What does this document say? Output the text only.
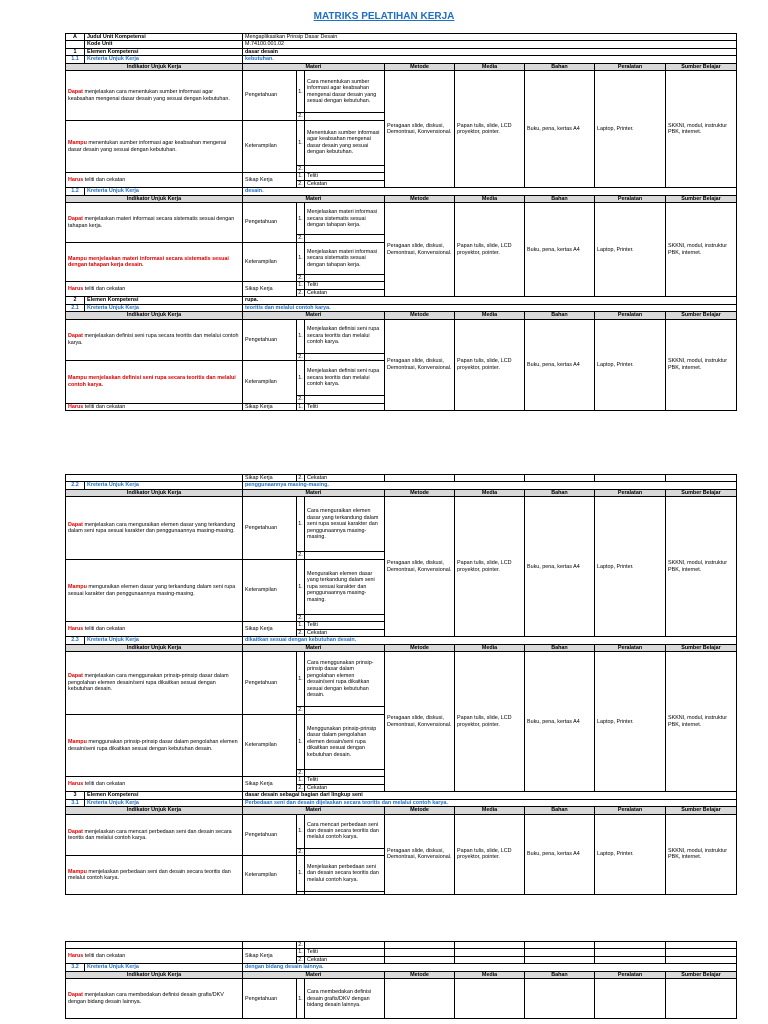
MATRIKS PELATIHAN KERJA
A	Judul Unit Kompetensi	Mengaplikasikan Prinsip Dasar Desain							
	Kode Unit	M.74100.001.02							
1	Elemen Kompetensi	dasar desain							
1.1	Kreteria Unjuk Kerja	kebutuhan.							
Indikator Unjuk Kerja		Materi			Metode	Media	Bahan	Peralatan	Sumber Belajar
Dapat menjelaskan cara menentukan sumber informasi agar keabsahan mengenai dasar desain yang sesuai dengan kebutuhan.		Pengetahuan	1.	Cara menentukan sumber informasi agar keabsahan mengenai dasar desain yang sesuai dengan kebutuhan.	Peragaan slide, diskusi, Demontrasi, Konvensional.	Papan tulis, slide, LCD proyektor, pointer.	Buku, pena, kertas A4	Laptop, Printer.	SKKNI, modul, instruktur PBK, internet.
			2.						
Mampu menentukan sumber informasi agar keabsahan mengenai dasar desain yang sesuai dengan kebutuhan.		Keterampilan	1.	Menentukan sumber informasi agar keabsahan mengenai dasar desain yang sesuai dengan kebutuhan.					
			2.						
Harus teliti dan cekatan		Sikap Kerja	1.	Teliti					
			2.	Cekatan					
1.2	Kreteria Unjuk Kerja	desain.							
Indikator Unjuk Kerja		Materi			Metode	Media	Bahan	Peralatan	Sumber Belajar
Dapat menjelaskan materi informasi secara sistematis sesuai dengan tahapan kerja.		Pengetahuan	1.	Menjelaskan materi informasi secara sistematis sesuai dengan tahapan kerja.	Peragaan slide, diskusi, Demontrasi, Konvensional.	Papan tulis, slide, LCD proyektor, pointer.	Buku, pena, kertas A4	Laptop, Printer.	SKKNI, modul, instruktur PBK, internet.
			2.						
Mampu menjelaskan materi informasi secara sistematis sesuai dengan tahapan kerja desain.		Keterampilan	1.	Menjelaskan materi informasi secara sistematis sesuai dengan tahapan kerja.					
			2.						
Harus teliti dan cekatan		Sikap Kerja	1.	Teliti					
			2.	Cekatan					
2	Elemen Kompetensi	rupa.							
2.1	Kreteria Unjuk Kerja	teoritis dan melalui contoh karya.							
Indikator Unjuk Kerja		Materi			Metode	Media	Bahan	Peralatan	Sumber Belajar
Dapat menjelaskan definisi seni rupa secara teoritis dan melalui contoh karya.		Pengetahuan	1.	Menjelaskan definisi seni rupa secara teoritis dan melalui contoh karya.	Peragaan slide, diskusi, Demontrasi, Konvensional.	Papan tulis, slide, LCD proyektor, pointer.	Buku, pena, kertas A4	Laptop, Printer.	SKKNI, modul, instruktur PBK, internet.
			2.						
Mampu menjelaskan definisi seni rupa secara teoritis dan melalui contoh karya.		Keterampilan	1.	Menjelaskan definisi seni rupa secara teoritis dan melalui contoh karya.					
			2.						
Harus teliti dan cekatan		Sikap Kerja	1.	Teliti					
		Sikap Kerja	2.	Cekatan					
2.2	Kreteria Unjuk Kerja	penggunaannya masing-masing.							
Indikator Unjuk Kerja		Materi			Metode	Media	Bahan	Peralatan	Sumber Belajar
Dapat menjelaskan cara menguraikan elemen dasar yang terkandung dalam seni rupa sesuai karakter dan penggunaannya masing-masing.		Pengetahuan	1.	Cara menguraikan elemen dasar yang terkandung dalam seni rupa sesuai karakter dan penggunaannya masing-masing.	Peragaan slide, diskusi, Demontrasi, Konvensional.	Papan tulis, slide, LCD proyektor, pointer.	Buku, pena, kertas A4	Laptop, Printer.	SKKNI, modul, instruktur PBK, internet.
			2.						
Mampu menguraikan elemen dasar yang terkandung dalam seni rupa sesuai karakter dan penggunaannya masing-masing.		Keterampilan	1.	Menguraikan elemen dasar yang terkandung dalam seni rupa sesuai karakter dan penggunaannya masing-masing.					
			2.						
Harus teliti dan cekatan		Sikap Kerja	1.	Teliti					
			2.	Cekatan					
2.3	Kreteria Unjuk Kerja	dikaitkan sesuai dengan kebutuhan desain.							
Indikator Unjuk Kerja		Materi			Metode	Media	Bahan	Peralatan	Sumber Belajar
Dapat menjelaskan cara menggunakan prinsip-prinsip dasar dalam pengolahan elemen desain/seni rupa dikaitkan sesuai dengan kebutuhan desain.		Pengetahuan	1.	Cara menggunakan prinsip-prinsip dasar dalam pengolahan elemen desain/seni rupa dikaitkan sesuai dengan kebutuhan desain.	Peragaan slide, diskusi, Demontrasi, Konvensional.	Papan tulis, slide, LCD proyektor, pointer.	Buku, pena, kertas A4	Laptop, Printer.	SKKNI, modul, instruktur PBK, internet.
			2.						
Mampu menggunakan prinsip-prinsip dasar dalam pengolahan elemen desain/seni rupa dikaitkan sesuai dengan kebutuhan desain.		Keterampilan	1.	Menggunakan prinsip-prinsip dasar dalam pengolahan elemen desain/seni rupa dikaitkan sesuai dengan kebutuhan desain.					
			2.						
Harus teliti dan cekatan		Sikap Kerja	1.	Teliti					
			2.	Cekatan					
3	Elemen Kompetensi	dasar desain sebagai bagian dari lingkup seni							
3.1	Kreteria Unjuk Kerja	Perbedaan seni dan desain dijelaskan secara teoritis dan melalui contoh karya.							
Indikator Unjuk Kerja		Materi			Metode	Media	Bahan	Peralatan	Sumber Belajar
Dapat menjelaskan cara mencari perbedaan seni dan desain secara teoritis dan melalui contoh karya.		Pengetahuan	1.	Cara mencari perbedaan seni dan desain secara teoritis dan melalui contoh karya.	Peragaan slide, diskusi, Demontrasi, Konvensional.	Papan tulis, slide, LCD proyektor, pointer.	Buku, pena, kertas A4	Laptop, Printer.	SKKNI, modul, instruktur PBK, internet.
			2.						
Mampu menjelaskan perbedaan seni dan desain secara teoritis dan melalui contoh karya.		Keterampilan	1.	Menjelaskan perbedaan seni dan desain secara teoritis dan melalui contoh karya.					

			2.						
Harus teliti dan cekatan		Sikap Kerja	1.	Teliti					
			2.	Cekatan					
3.2	Kreteria Unjuk Kerja	dengan bidang desain lainnya.							
Indikator Unjuk Kerja		Materi			Metode	Media	Bahan	Peralatan	Sumber Belajar
Dapat menjelaskan cara membedakan definisi desain grafis/DKV dengan bidang desain lainnya.		Pengetahuan	1.	Cara membedakan definisi desain grafis/DKV dengan bidang desain lainnya.					
